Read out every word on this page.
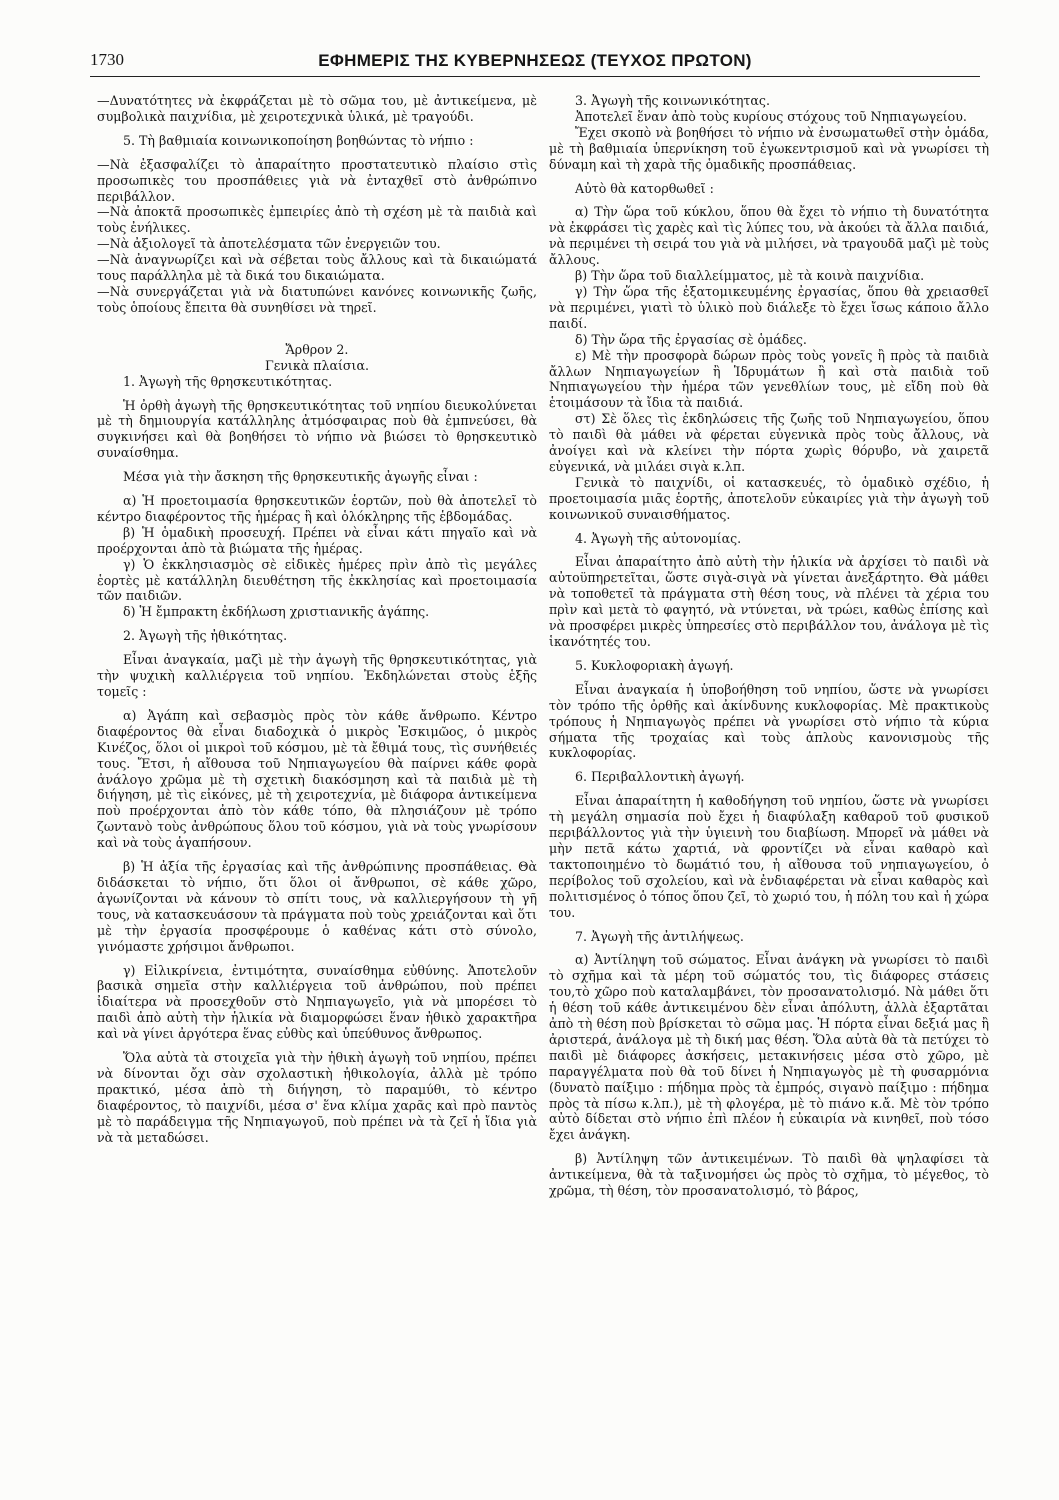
1730	ΕΦΗΜΕΡΙΣ ΤΗΣ ΚΥΒΕΡΝΗΣΕΩΣ (ΤΕΥΧΟΣ ΠΡΩΤΟΝ)

—Δυνατότητες νὰ ἐκφράζεται μὲ τὸ σῶμα του, μὲ ἀντικείμενα, μὲ συμβολικὰ παιχνίδια, μὲ χειροτεχνικὰ ὑλικά, μὲ τραγούδι.

5. Τὴ βαθμιαία κοινωνικοποίηση βοηθώντας τὸ νήπιο :

—Νὰ ἐξασφαλίζει τὸ ἀπαραίτητο προστατευτικὸ πλαίσιο στὶς προσωπικὲς του προσπάθειες γιὰ νὰ ἐνταχθεῖ στὸ ἀνθρώπινο περιβάλλον.

—Νὰ ἀποκτᾶ προσωπικὲς ἐμπειρίες ἀπὸ τὴ σχέση μὲ τὰ παιδιὰ καὶ τοὺς ἐνήλικες.

—Νὰ ἀξιολογεῖ τὰ ἀποτελέσματα τῶν ἐνεργειῶν του.

—Νὰ ἀναγνωρίζει καὶ νὰ σέβεται τοὺς ἄλλους καὶ τὰ δικαιώματά τους παράλληλα μὲ τὰ δικά του δικαιώματα.

—Νὰ συνεργάζεται γιὰ νὰ διατυπώνει κανόνες κοινωνικῆς ζωῆς, τοὺς ὁποίους ἔπειτα θὰ συνηθίσει νὰ τηρεῖ.

Ἄρθρον 2.

Γενικὰ πλαίσια.

1. Ἀγωγὴ τῆς θρησκευτικότητας.

Ἡ ὀρθὴ ἀγωγὴ τῆς θρησκευτικότητας τοῦ νηπίου διευκολύνεται μὲ τὴ δημιουργία κατάλληλης ἀτμόσφαιρας ποὺ θὰ ἐμπνεύσει, θὰ συγκινήσει καὶ θὰ βοηθήσει τὸ νήπιο νὰ βιώσει τὸ θρησκευτικὸ συναίσθημα.

Μέσα γιὰ τὴν ἄσκηση τῆς θρησκευτικῆς ἀγωγῆς εἶναι :

α) Ἡ προετοιμασία θρησκευτικῶν ἑορτῶν, ποὺ θὰ ἀποτελεῖ τὸ κέντρο διαφέροντος τῆς ἡμέρας ἢ καὶ ὁλόκληρης τῆς ἑβδομάδας.

β) Ἡ ὁμαδικὴ προσευχή. Πρέπει νὰ εἶναι κάτι πηγαῖο καὶ νὰ προέρχονται ἀπὸ τὰ βιώματα τῆς ἡμέρας.

γ) Ὁ ἐκκλησιασμὸς σὲ εἰδικὲς ἡμέρες πρὶν ἀπὸ τὶς μεγάλες ἑορτὲς μὲ κατάλληλη διευθέτηση τῆς ἐκκλησίας καὶ προετοιμασία τῶν παιδιῶν.

δ) Ἡ ἔμπρακτη ἐκδήλωση χριστιανικῆς ἀγάπης.

2. Ἀγωγὴ τῆς ἠθικότητας.

Εἶναι ἀναγκαία, μαζὶ μὲ τὴν ἀγωγὴ τῆς θρησκευτικότητας, γιὰ τὴν ψυχικὴ καλλιέργεια τοῦ νηπίου. Ἐκδηλώνεται στοὺς ἑξῆς τομεῖς :

α) Ἀγάπη καὶ σεβασμὸς πρὸς τὸν κάθε ἄνθρωπο. Κέντρο διαφέροντος θὰ εἶναι διαδοχικὰ ὁ μικρὸς Ἐσκιμῶος, ὁ μικρὸς Κινέζος, ὅλοι οἱ μικροὶ τοῦ κόσμου, μὲ τὰ ἔθιμά τους, τὶς συνήθειές τους. Ἔτσι, ἡ αἴθουσα τοῦ Νηπιαγωγείου θὰ παίρνει κάθε φορὰ ἀνάλογο χρῶμα μὲ τὴ σχετικὴ διακόσμηση καὶ τὰ παιδιὰ μὲ τὴ διήγηση, μὲ τὶς εἰκόνες, μὲ τὴ χειροτεχνία, μὲ διάφορα ἀντικείμενα ποὺ προέρχονται ἀπὸ τὸν κάθε τόπο, θὰ πλησιάζουν μὲ τρόπο ζωντανὸ τοὺς ἀνθρώπους ὅλου τοῦ κόσμου, γιὰ νὰ τοὺς γνωρίσουν καὶ νὰ τοὺς ἀγαπήσουν.

β) Ἡ ἀξία τῆς ἐργασίας καὶ τῆς ἀνθρώπινης προσπάθειας. Θὰ διδάσκεται τὸ νήπιο, ὅτι ὅλοι οἱ ἄνθρωποι, σὲ κάθε χῶρο, ἀγωνίζονται νὰ κάνουν τὸ σπίτι τους, νὰ καλλιεργήσουν τὴ γῆ τους, νὰ κατασκευάσουν τὰ πράγματα ποὺ τοὺς χρειάζονται καὶ ὅτι μὲ τὴν ἐργασία προσφέρουμε ὁ καθένας κάτι στὸ σύνολο, γινόμαστε χρήσιμοι ἄνθρωποι.

γ) Εἰλικρίνεια, ἐντιμότητα, συναίσθημα εὐθύνης. Ἀποτελοῦν βασικὰ σημεῖα στὴν καλλιέργεια τοῦ ἀνθρώπου, ποὺ πρέπει ἰδιαίτερα νὰ προσεχθοῦν στὸ Νηπιαγωγεῖο, γιὰ νὰ μπορέσει τὸ παιδὶ ἀπὸ αὐτὴ τὴν ἡλικία νὰ διαμορφώσει ἕναν ἠθικὸ χαρακτῆρα καὶ νὰ γίνει ἀργότερα ἕνας εὐθὺς καὶ ὑπεύθυνος ἄνθρωπος.

Ὅλα αὐτὰ τὰ στοιχεῖα γιὰ τὴν ἠθικὴ ἀγωγὴ τοῦ νηπίου, πρέπει νὰ δίνονται ὄχι σὰν σχολαστικὴ ἠθικολογία, ἀλλὰ μὲ τρόπο πρακτικό, μέσα ἀπὸ τὴ διήγηση, τὸ παραμύθι, τὸ κέντρο διαφέροντος, τὸ παιχνίδι, μέσα σ' ἕνα κλίμα χαρᾶς καὶ πρὸ παντὸς μὲ τὸ παράδειγμα τῆς Νηπιαγωγοῦ, ποὺ πρέπει νὰ τὰ ζεῖ ἡ ἴδια γιὰ νὰ τὰ μεταδώσει.

3. Ἀγωγὴ τῆς κοινωνικότητας.

Ἀποτελεῖ ἕναν ἀπὸ τοὺς κυρίους στόχους τοῦ Νηπιαγωγείου.

Ἔχει σκοπὸ νὰ βοηθήσει τὸ νήπιο νὰ ἐνσωματωθεῖ στὴν ὁμάδα, μὲ τὴ βαθμιαία ὑπερνίκηση τοῦ ἐγωκεντρισμοῦ καὶ νὰ γνωρίσει τὴ δύναμη καὶ τὴ χαρὰ τῆς ὁμαδικῆς προσπάθειας.

Αὐτὸ θὰ κατορθωθεῖ :

α) Τὴν ὥρα τοῦ κύκλου, ὅπου θὰ ἔχει τὸ νήπιο τὴ δυνατότητα νὰ ἐκφράσει τὶς χαρὲς καὶ τὶς λύπες του, νὰ ἀκούει τὰ ἄλλα παιδιά, νὰ περιμένει τὴ σειρά του γιὰ νὰ μιλήσει, νὰ τραγουδᾶ μαζὶ μὲ τοὺς ἄλλους.

β) Τὴν ὥρα τοῦ διαλλείμματος, μὲ τὰ κοινὰ παιχνίδια.

γ) Τὴν ὥρα τῆς ἐξατομικευμένης ἐργασίας, ὅπου θὰ χρειασθεῖ νὰ περιμένει, γιατὶ τὸ ὑλικὸ ποὺ διάλεξε τὸ ἔχει ἴσως κάποιο ἄλλο παιδί.

δ) Τὴν ὥρα τῆς ἐργασίας σὲ ὁμάδες.

ε) Μὲ τὴν προσφορὰ δώρων πρὸς τοὺς γονεῖς ἢ πρὸς τὰ παιδιὰ ἄλλων Νηπιαγωγείων ἢ Ἱδρυμάτων ἢ καὶ στὰ παιδιὰ τοῦ Νηπιαγωγείου τὴν ἡμέρα τῶν γενεθλίων τους, μὲ εἴδη ποὺ θὰ ἑτοιμάσουν τὰ ἴδια τὰ παιδιά.

στ) Σὲ ὅλες τὶς ἐκδηλώσεις τῆς ζωῆς τοῦ Νηπιαγωγείου, ὅπου τὸ παιδὶ θὰ μάθει νὰ φέρεται εὐγενικὰ πρὸς τοὺς ἄλλους, νὰ ἀνοίγει καὶ νὰ κλείνει τὴν πόρτα χωρὶς θόρυβο, νὰ χαιρετᾶ εὐγενικά, νὰ μιλάει σιγὰ κ.λπ.

Γενικὰ τὸ παιχνίδι, οἱ κατασκευές, τὸ ὁμαδικὸ σχέδιο, ἡ προετοιμασία μιᾶς ἑορτῆς, ἀποτελοῦν εὐκαιρίες γιὰ τὴν ἀγωγὴ τοῦ κοινωνικοῦ συναισθήματος.

4. Ἀγωγὴ τῆς αὐτονομίας.

Εἶναι ἀπαραίτητο ἀπὸ αὐτὴ τὴν ἡλικία νὰ ἀρχίσει τὸ παιδὶ νὰ αὐτοϋπηρετεῖται, ὥστε σιγὰ-σιγὰ νὰ γίνεται ἀνεξάρτητο. Θὰ μάθει νὰ τοποθετεῖ τὰ πράγματα στὴ θέση τους, νὰ πλένει τὰ χέρια του πρὶν καὶ μετὰ τὸ φαγητό, νὰ ντύνεται, νὰ τρώει, καθὼς ἐπίσης καὶ νὰ προσφέρει μικρὲς ὑπηρεσίες στὸ περιβάλλον του, ἀνάλογα μὲ τὶς ἱκανότητές του.

5. Κυκλοφοριακὴ ἀγωγή.

Εἶναι ἀναγκαία ἡ ὑποβοήθηση τοῦ νηπίου, ὥστε νὰ γνωρίσει τὸν τρόπο τῆς ὀρθῆς καὶ ἀκίνδυνης κυκλοφορίας. Μὲ πρακτικοὺς τρόπους ἡ Νηπιαγωγὸς πρέπει νὰ γνωρίσει στὸ νήπιο τὰ κύρια σήματα τῆς τροχαίας καὶ τοὺς ἁπλοὺς κανονισμοὺς τῆς κυκλοφορίας.

6. Περιβαλλοντικὴ ἀγωγή.

Εἶναι ἀπαραίτητη ἡ καθοδήγηση τοῦ νηπίου, ὥστε νὰ γνωρίσει τὴ μεγάλη σημασία ποὺ ἔχει ἡ διαφύλαξη καθαροῦ τοῦ φυσικοῦ περιβάλλοντος γιὰ τὴν ὑγιεινὴ του διαβίωση. Μπορεῖ νὰ μάθει νὰ μὴν πετᾶ κάτω χαρτιά, νὰ φροντίζει νὰ εἶναι καθαρὸ καὶ τακτοποιημένο τὸ δωμάτιό του, ἡ αἴθουσα τοῦ νηπιαγωγείου, ὁ περίβολος τοῦ σχολείου, καὶ νὰ ἐνδιαφέρεται νὰ εἶναι καθαρὸς καὶ πολιτισμένος ὁ τόπος ὅπου ζεῖ, τὸ χωριό του, ἡ πόλη του καὶ ἡ χώρα του.

7. Ἀγωγὴ τῆς ἀντιλήψεως.

α) Ἀντίληψη τοῦ σώματος. Εἶναι ἀνάγκη νὰ γνωρίσει τὸ παιδὶ τὸ σχῆμα καὶ τὰ μέρη τοῦ σώματός του, τὶς διάφορες στάσεις του,τὸ χῶρο ποὺ καταλαμβάνει, τὸν προσανατολισμό. Νὰ μάθει ὅτι ἡ θέση τοῦ κάθε ἀντικειμένου δὲν εἶναι ἀπόλυτη, ἀλλὰ ἐξαρτᾶται ἀπὸ τὴ θέση ποὺ βρίσκεται τὸ σῶμα μας. Ἡ πόρτα εἶναι δεξιά μας ἢ ἀριστερά, ἀνάλογα μὲ τὴ δική μας θέση. Ὅλα αὐτὰ θὰ τὰ πετύχει τὸ παιδὶ μὲ διάφορες ἀσκήσεις, μετακινήσεις μέσα στὸ χῶρο, μὲ παραγγέλματα ποὺ θὰ τοῦ δίνει ἡ Νηπιαγωγὸς μὲ τὴ φυσαρμόνια (δυνατὸ παίξιμο : πήδημα πρὸς τὰ ἐμπρός, σιγανὸ παίξιμο : πήδημα πρὸς τὰ πίσω κ.λπ.), μὲ τὴ φλογέρα, μὲ τὸ πιάνο κ.ἄ. Μὲ τὸν τρόπο αὐτὸ δίδεται στὸ νήπιο ἐπὶ πλέον ἡ εὐκαιρία νὰ κινηθεῖ, ποὺ τόσο ἔχει ἀνάγκη.

β) Ἀντίληψη τῶν ἀντικειμένων. Τὸ παιδὶ θὰ ψηλαφίσει τὰ ἀντικείμενα, θὰ τὰ ταξινομήσει ὡς πρὸς τὸ σχῆμα, τὸ μέγεθος, τὸ χρῶμα, τὴ θέση, τὸν προσανατολισμό, τὸ βάρος,
